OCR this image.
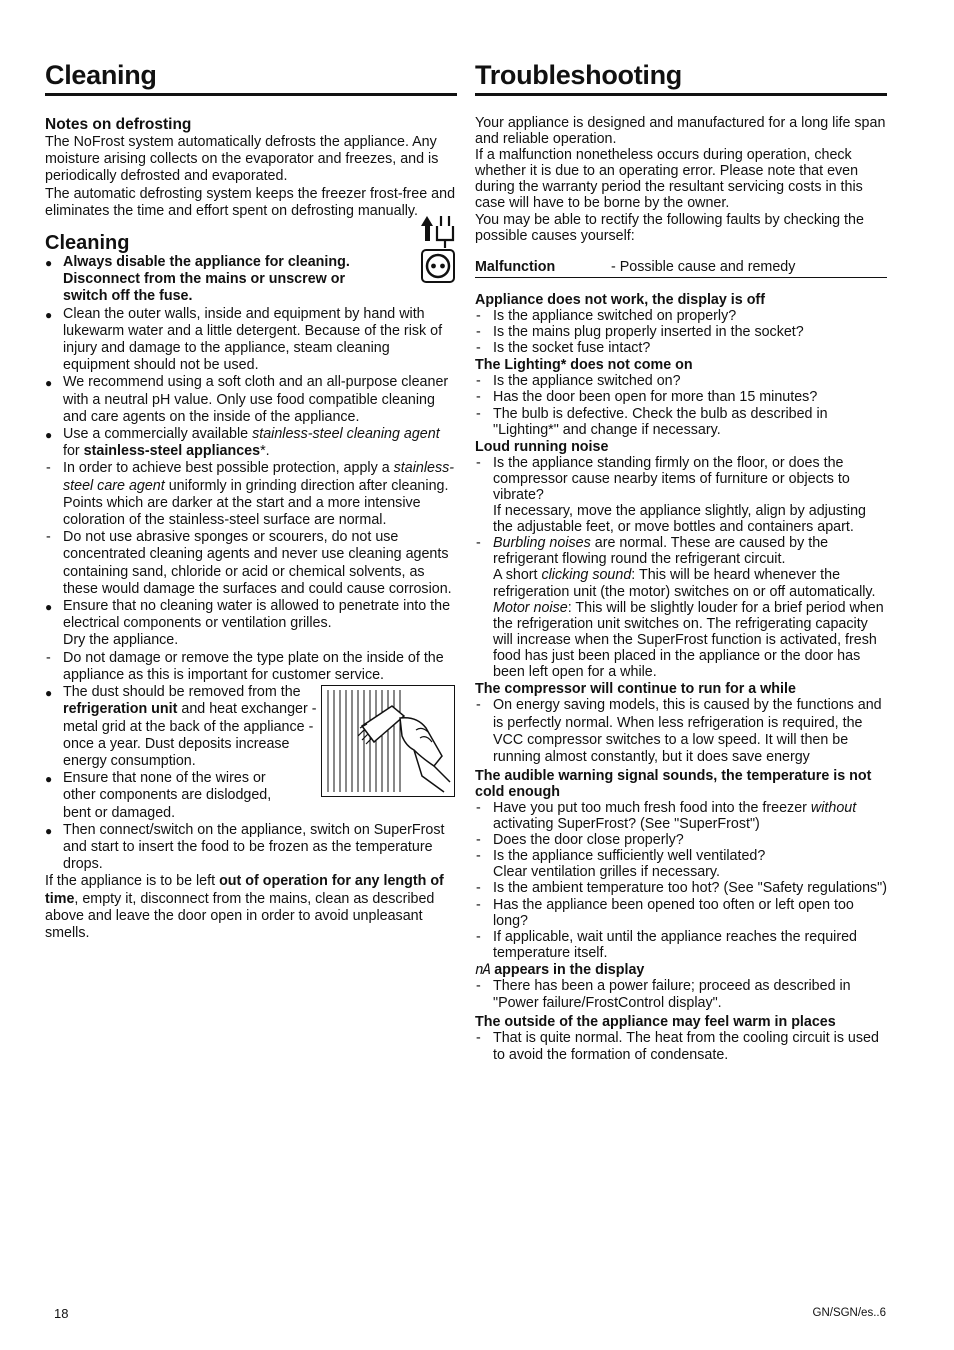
Cleaning
Notes on defrosting

The NoFrost system automatically defrosts the appliance. Any moisture arising collects on the evaporator and freezes, and is periodically defrosted and evaporated.

The automatic defrosting system keeps the freezer frost-free and eliminates the time and effort spent on defrosting manually.

Cleaning
● Always disable the appliance for cleaning. Disconnect from the mains or unscrew or switch off the fuse.
● Clean the outer walls, inside and equipment by hand with lukewarm water and a little detergent. Because of the risk of injury and damage to the appliance, steam cleaning equipment should not be used.
● We recommend using a soft cloth and an all-purpose cleaner with a neutral pH value. Only use food compatible cleaning and care agents on the inside of the appliance.
● Use a commercially available stainless-steel cleaning agent for stainless-steel appliances*.
- In order to achieve best possible protection, apply a stainless-steel care agent uniformly in grinding direction after cleaning. Points which are darker at the start and a more intensive coloration of the stainless-steel surface are normal.
- Do not use abrasive sponges or scourers, do not use concentrated cleaning agents and never use cleaning agents containing sand, chloride or acid or chemical solvents, as these would damage the surfaces and could cause corrosion.
● Ensure that no cleaning water is allowed to penetrate into the electrical components or ventilation grilles.
Dry the appliance.
- Do not damage or remove the type plate on the inside of the appliance as this is important for customer service.
● The dust should be removed from the refrigeration unit and heat exchanger - metal grid at the back of the appliance - once a year. Dust deposits increase energy consumption.
● Ensure that none of the wires or other components are dislodged, bent or damaged.
● Then connect/switch on the appliance, switch on SuperFrost and start to insert the food to be frozen as the temperature drops.

If the appliance is to be left out of operation for any length of time, empty it, disconnect from the mains, clean as described above and leave the door open in order to avoid unpleasant smells.

Troubleshooting

Your appliance is designed and manufactured for a long life span and reliable operation.

If a malfunction nonetheless occurs during operation, check whether it is due to an operating error. Please note that even during the warranty period the resultant servicing costs in this case will have to be borne by the owner.

You may be able to rectify the following faults by checking the possible causes yourself:

Malfunction	- Possible cause and remedy
Appliance does not work, the display is off
- Is the appliance switched on properly?
- Is the mains plug properly inserted in the socket?
- Is the socket fuse intact?
The Lighting* does not come on
- Is the appliance switched on?
- Has the door been open for more than 15 minutes?
- The bulb is defective. Check the bulb as described in "Lighting*" and change if necessary.
Loud running noise
- Is the appliance standing firmly on the floor, or does the compressor cause nearby items of furniture or objects to vibrate?
If necessary, move the appliance slightly, align by adjusting the adjustable feet, or move bottles and containers apart.
- Burbling noises are normal. These are caused by the refrigerant flowing round the refrigerant circuit.
A short clicking sound: This will be heard whenever the refrigeration unit (the motor) switches on or off automatically.
Motor noise: This will be slightly louder for a brief period when the refrigeration unit switches on. The refrigerating capacity will increase when the SuperFrost function is activated, fresh food has just been placed in the appliance or the door has been left open for a while.
The compressor will continue to run for a while
- On energy saving models, this is caused by the functions and is perfectly normal. When less refrigeration is required, the VCC compressor switches to a low speed. It will then be running almost constantly, but it does save energy
The audible warning signal sounds, the temperature is not cold enough
- Have you put too much fresh food into the freezer without activating SuperFrost? (See "SuperFrost")
- Does the door close properly?
- Is the appliance sufficiently well ventilated?
Clear ventilation grilles if necessary.
- Is the ambient temperature too hot? (See "Safety regulations")
- Has the appliance been opened too often or left open too long?
- If applicable, wait until the appliance reaches the required temperature itself.
nA appears in the display
- There has been a power failure; proceed as described in "Power failure/FrostControl display".
The outside of the appliance may feel warm in places
- That is quite normal. The heat from the cooling circuit is used to avoid the formation of condensate.
18	GN/SGN/es..6
